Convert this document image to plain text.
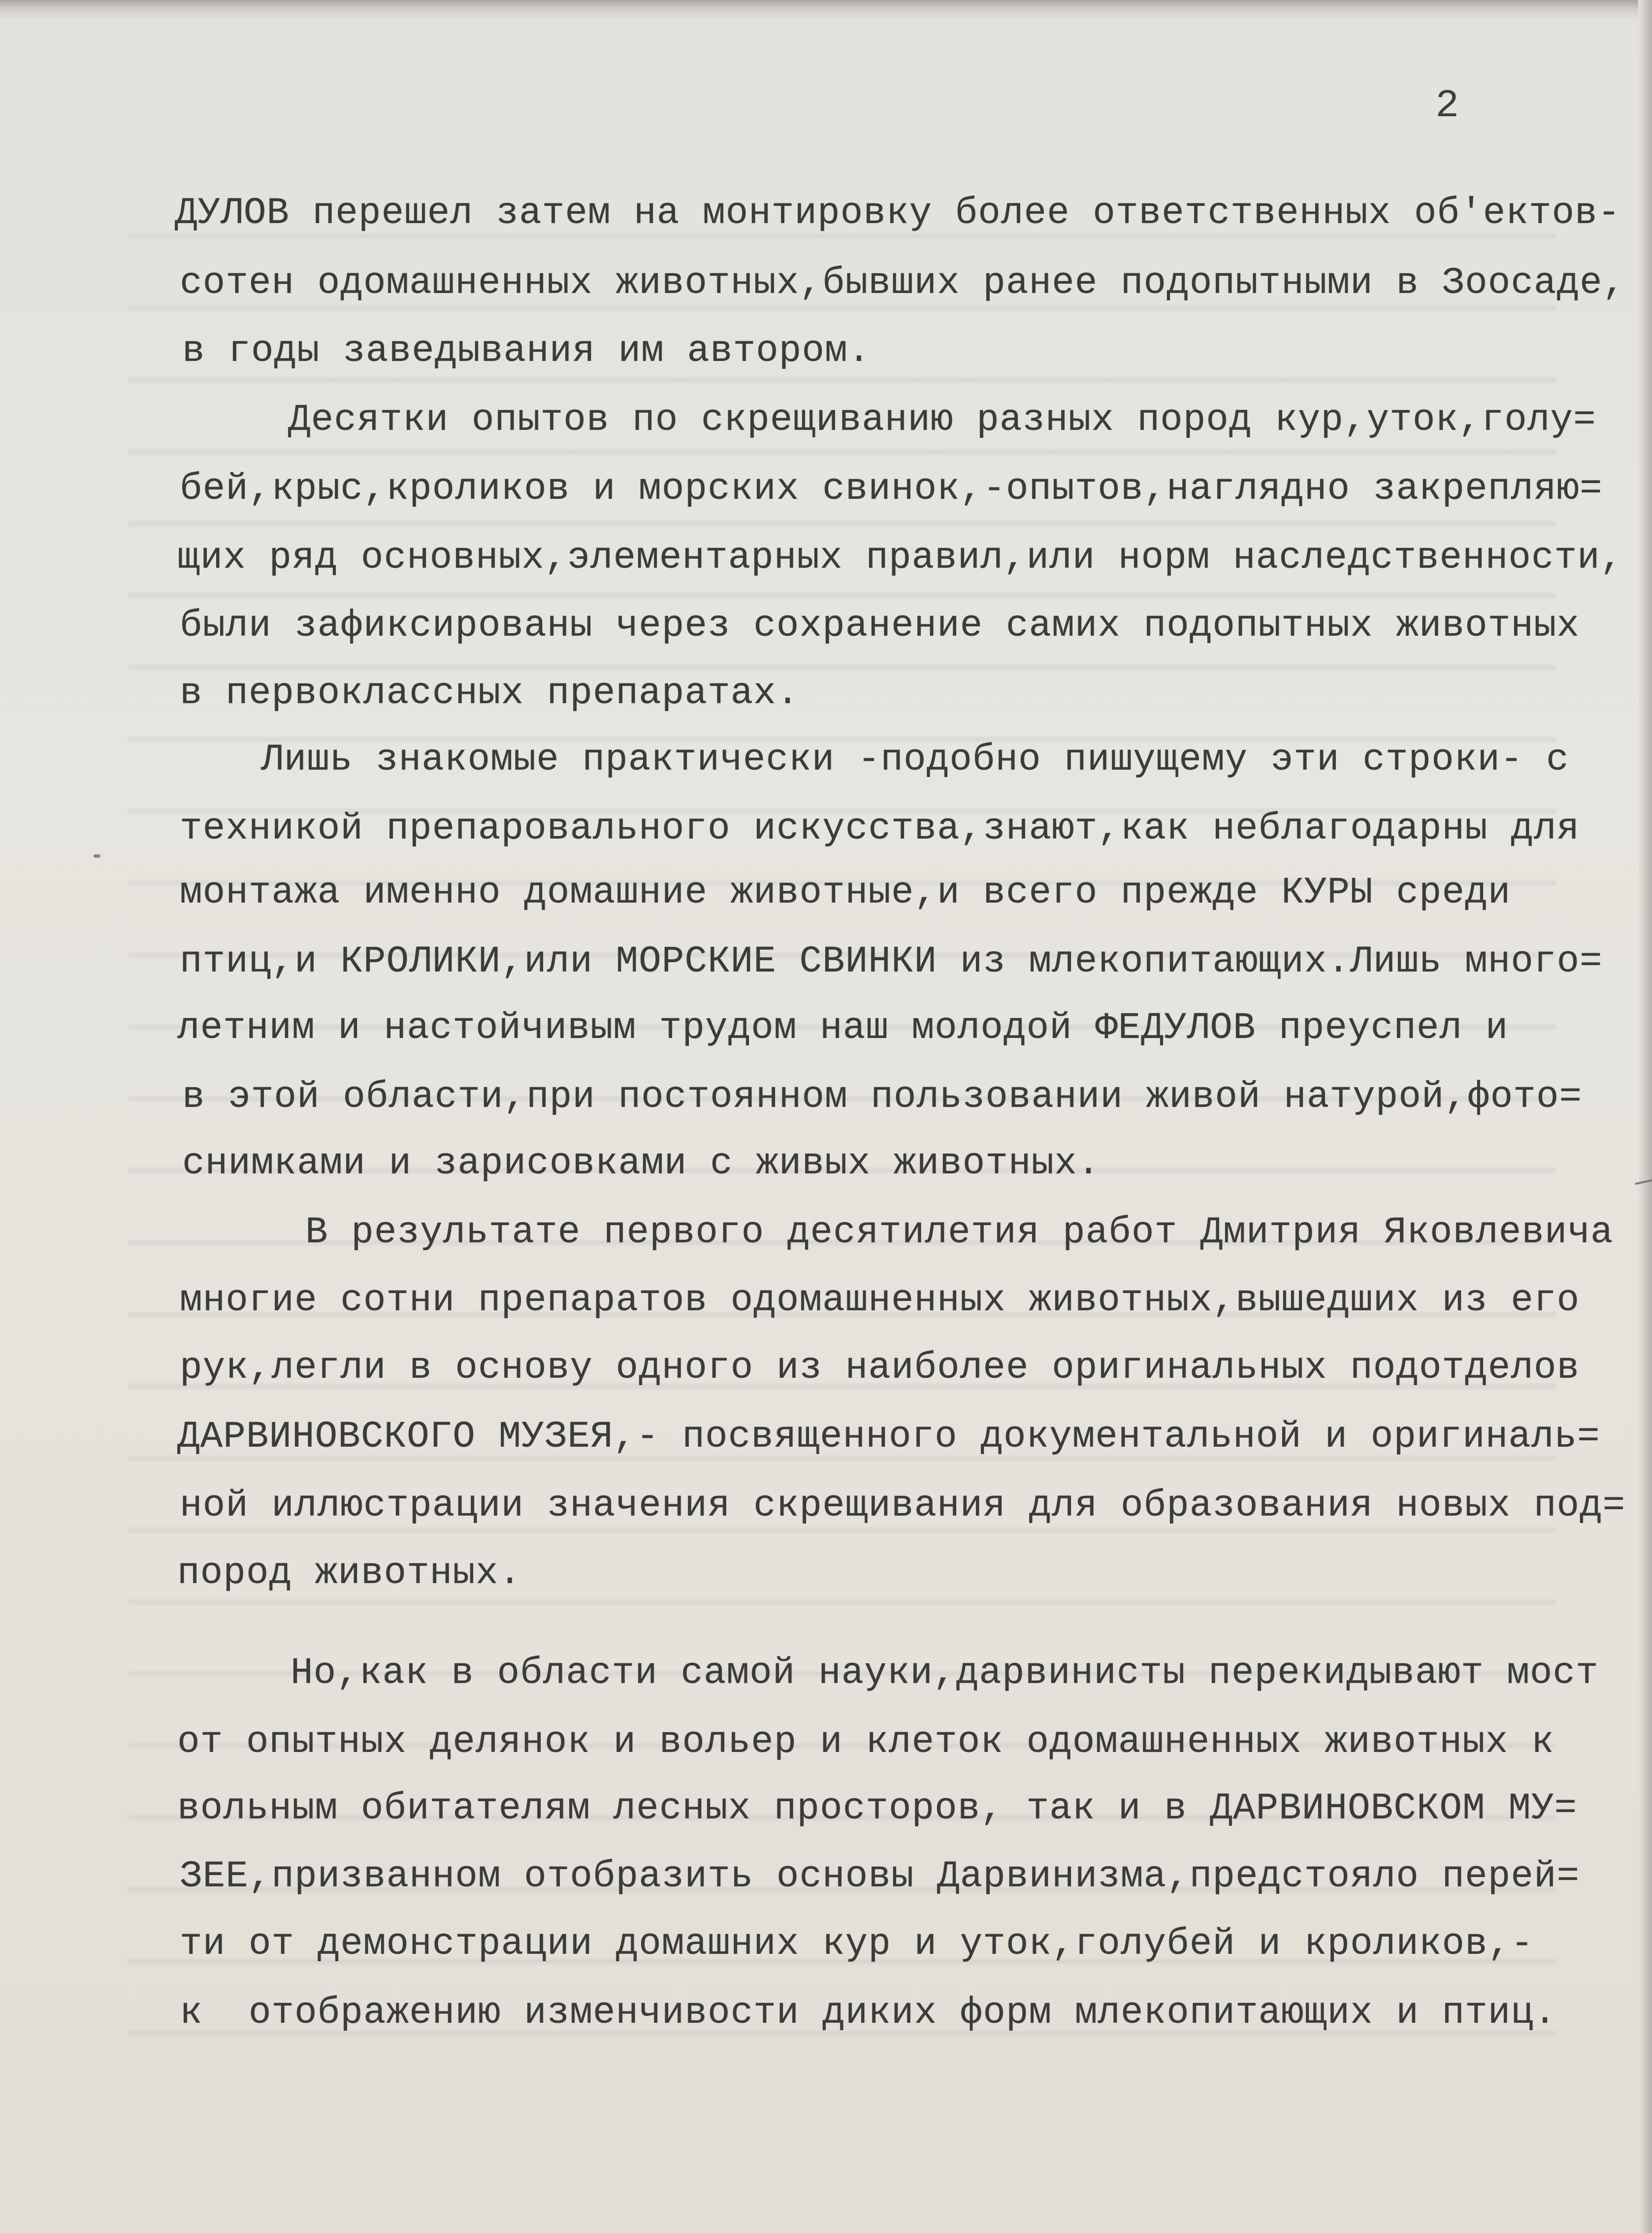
2
ДУЛОВ перешел затем на монтировку более ответственных об'ектов-
сотен одомашненных животных,бывших ранее подопытными в Зоосаде,
в годы заведывания им автором.
Десятки опытов по скрещиванию разных пород кур,уток,голу=
бей,крыс,кроликов и морских свинок,-опытов,наглядно закрепляю=
щих ряд основных,элементарных правил,или норм наследственности,
были зафиксированы через сохранение самих подопытных животных
в первоклассных препаратах.
Лишь знакомые практически -подобно пишущему эти строки- с
техникой препаровального искусства,знают,как неблагодарны для
монтажа именно домашние животные,и всего прежде КУРЫ среди
птиц,и КРОЛИКИ,или МОРСКИЕ СВИНКИ из млекопитающих.Лишь много=
летним и настойчивым трудом наш молодой ФЕДУЛОВ преуспел и
в этой области,при постоянном пользовании живой натурой,фото=
снимками и зарисовками с живых животных.
В результате первого десятилетия работ Дмитрия Яковлевича
многие сотни препаратов одомашненных животных,вышедших из его
рук,легли в основу одного из наиболее оригинальных подотделов
ДАРВИНОВСКОГО МУЗЕЯ,- посвященного документальной и оригиналь=
ной иллюстрации значения скрещивания для образования новых под=
пород животных.
Но,как в области самой науки,дарвинисты перекидывают мост
от опытных делянок и вольер и клеток одомашненных животных к
вольным обитателям лесных просторов, так и в ДАРВИНОВСКОМ МУ=
ЗЕЕ,призванном отобразить основы Дарвинизма,предстояло перей=
ти от демонстрации домашних кур и уток,голубей и кроликов,-
к  отображению изменчивости диких форм млекопитающих и птиц.
